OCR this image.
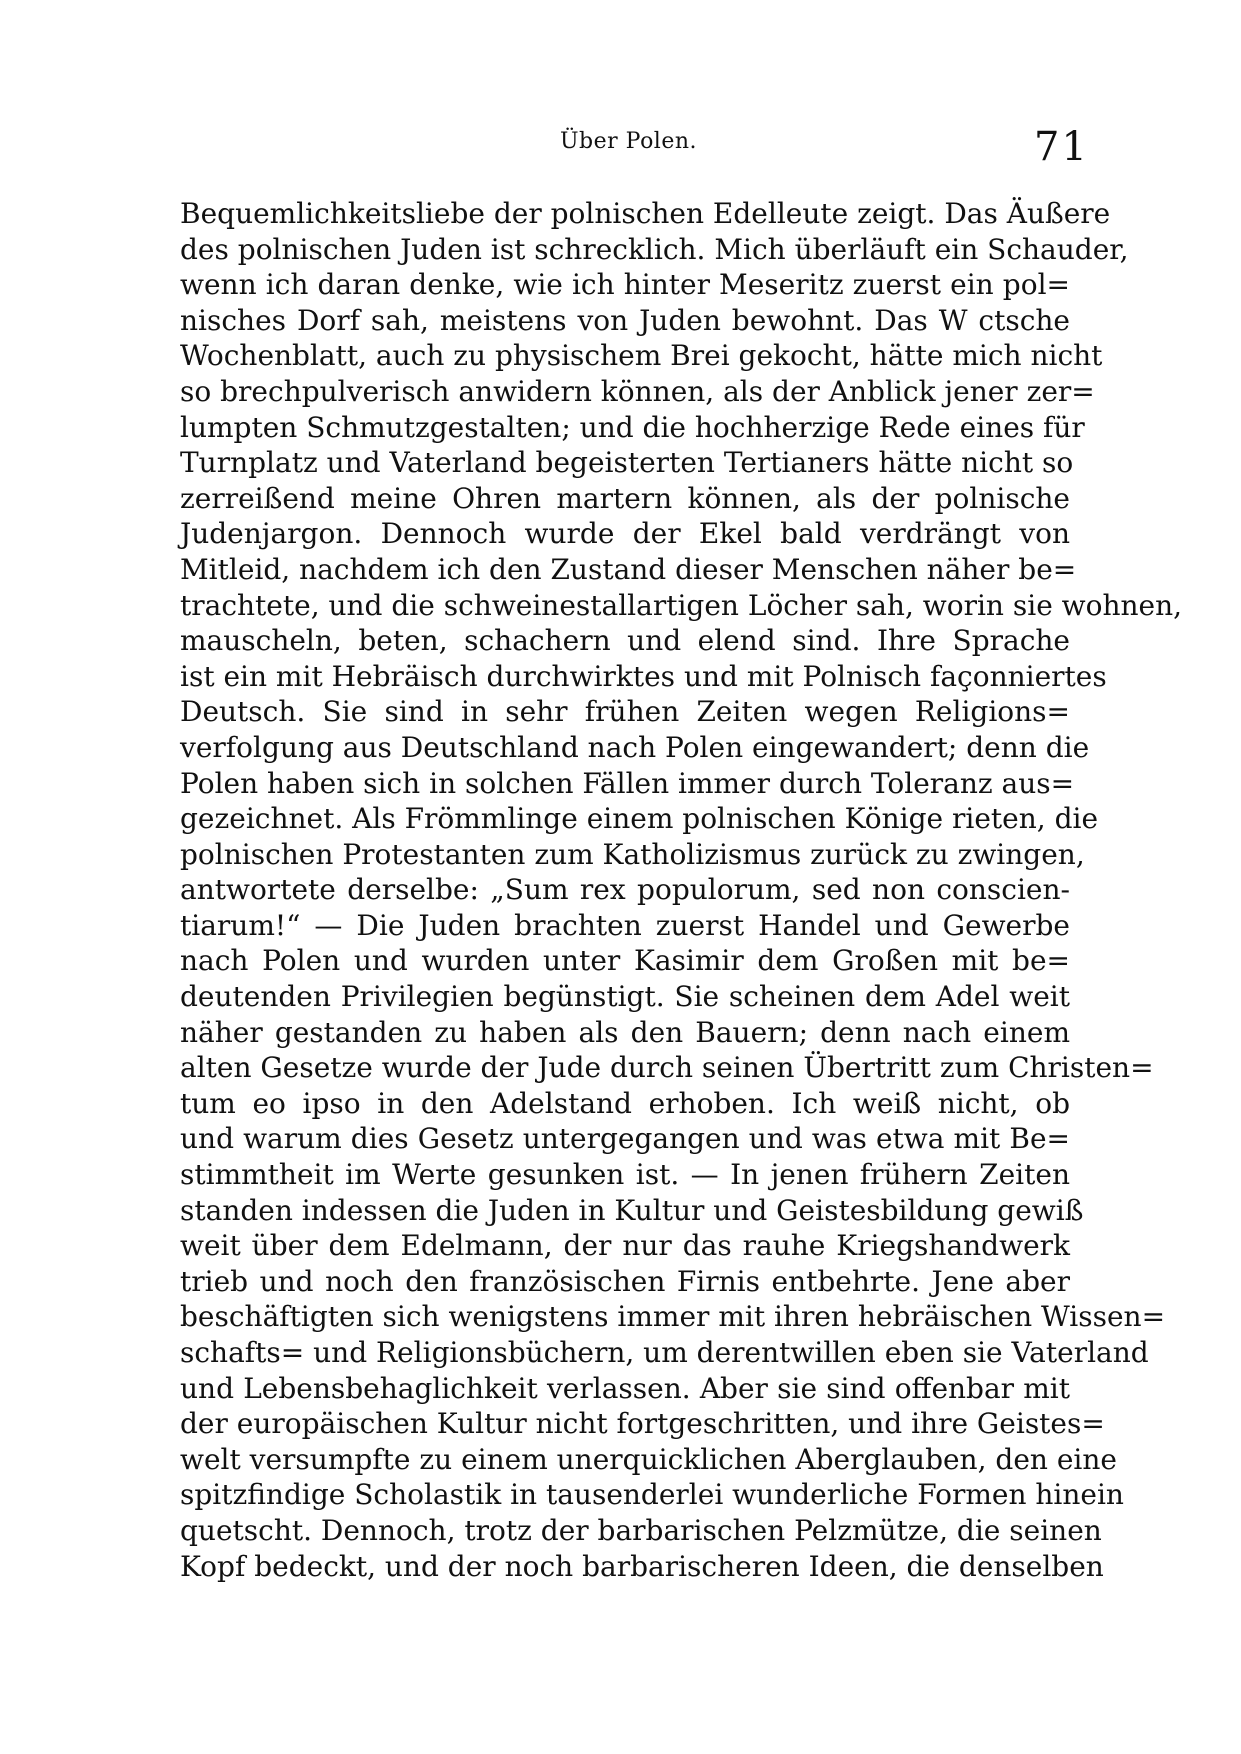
Über Polen.	71
Bequemlichkeitsliebe der polnischen Edelleute zeigt. Das Äußere
des polnischen Juden ist schrecklich. Mich überläuft ein Schauder,
wenn ich daran denke, wie ich hinter Meseritz zuerst ein pol=
nisches Dorf sah, meistens von Juden bewohnt. Das W ctsche
Wochenblatt, auch zu physischem Brei gekocht, hätte mich nicht
so brechpulverisch anwidern können, als der Anblick jener zer=
lumpten Schmutzgestalten; und die hochherzige Rede eines für
Turnplatz und Vaterland begeisterten Tertianers hätte nicht so
zerreißend meine Ohren martern können, als der polnische
Judenjargon. Dennoch wurde der Ekel bald verdrängt von
Mitleid, nachdem ich den Zustand dieser Menschen näher be=
trachtete, und die schweinestallartigen Löcher sah, worin sie wohnen,
mauscheln, beten, schachern und elend sind. Ihre Sprache
ist ein mit Hebräisch durchwirktes und mit Polnisch façonniertes
Deutsch. Sie sind in sehr frühen Zeiten wegen Religions=
verfolgung aus Deutschland nach Polen eingewandert; denn die
Polen haben sich in solchen Fällen immer durch Toleranz aus=
gezeichnet. Als Frömmlinge einem polnischen Könige rieten, die
polnischen Protestanten zum Katholizismus zurück zu zwingen,
antwortete derselbe: „Sum rex populorum, sed non conscien-
tiarum!“ — Die Juden brachten zuerst Handel und Gewerbe
nach Polen und wurden unter Kasimir dem Großen mit be=
deutenden Privilegien begünstigt. Sie scheinen dem Adel weit
näher gestanden zu haben als den Bauern; denn nach einem
alten Gesetze wurde der Jude durch seinen Übertritt zum Christen=
tum eo ipso in den Adelstand erhoben. Ich weiß nicht, ob
und warum dies Gesetz untergegangen und was etwa mit Be=
stimmtheit im Werte gesunken ist. — In jenen frühern Zeiten
standen indessen die Juden in Kultur und Geistesbildung gewiß
weit über dem Edelmann, der nur das rauhe Kriegshandwerk
trieb und noch den französischen Firnis entbehrte. Jene aber
beschäftigten sich wenigstens immer mit ihren hebräischen Wissen=
schafts= und Religionsbüchern, um derentwillen eben sie Vaterland
und Lebensbehaglichkeit verlassen. Aber sie sind offenbar mit
der europäischen Kultur nicht fortgeschritten, und ihre Geistes=
welt versumpfte zu einem unerquicklichen Aberglauben, den eine
spitzfindige Scholastik in tausenderlei wunderliche Formen hinein
quetscht. Dennoch, trotz der barbarischen Pelzmütze, die seinen
Kopf bedeckt, und der noch barbarischeren Ideen, die denselben
